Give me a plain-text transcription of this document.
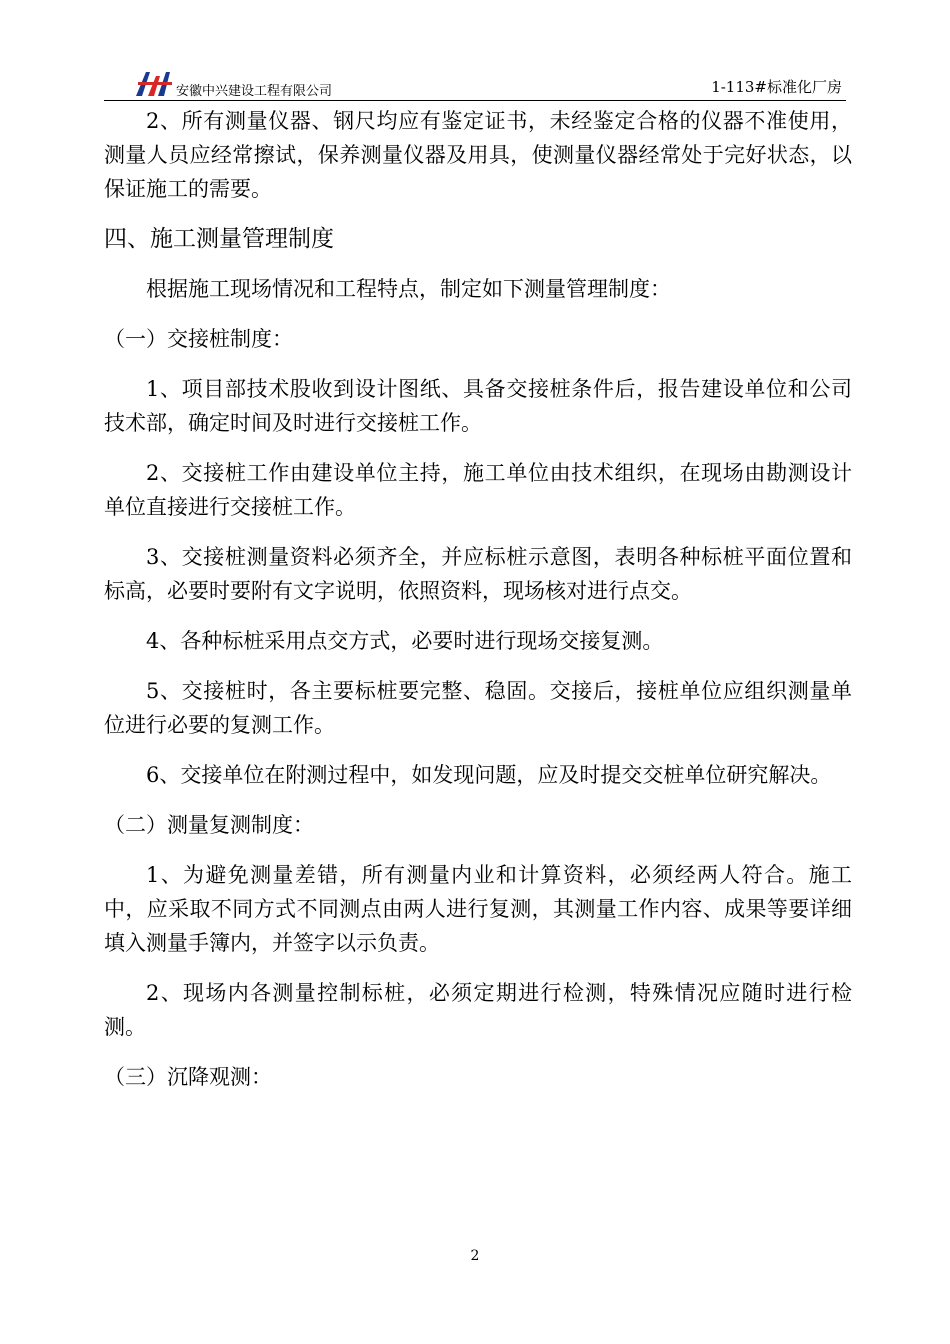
安徽中兴建设工程有限公司	1-113#标准化厂房

2、所有测量仪器、钢尺均应有鉴定证书，未经鉴定合格的仪器不准使用，测量人员应经常擦试，保养测量仪器及用具，使测量仪器经常处于完好状态，以保证施工的需要。

四、施工测量管理制度

根据施工现场情况和工程特点，制定如下测量管理制度：

（一）交接桩制度：

1、项目部技术股收到设计图纸、具备交接桩条件后，报告建设单位和公司技术部，确定时间及时进行交接桩工作。

2、交接桩工作由建设单位主持，施工单位由技术组织，在现场由勘测设计单位直接进行交接桩工作。

3、交接桩测量资料必须齐全，并应标桩示意图，表明各种标桩平面位置和标高，必要时要附有文字说明，依照资料，现场核对进行点交。

4、各种标桩采用点交方式，必要时进行现场交接复测。

5、交接桩时，各主要标桩要完整、稳固。交接后，接桩单位应组织测量单位进行必要的复测工作。

6、交接单位在附测过程中，如发现问题，应及时提交交桩单位研究解决。

（二）测量复测制度：

1、为避免测量差错，所有测量内业和计算资料，必须经两人符合。施工中，应采取不同方式不同测点由两人进行复测，其测量工作内容、成果等要详细填入测量手簿内，并签字以示负责。

2、现场内各测量控制标桩，必须定期进行检测，特殊情况应随时进行检测。

（三）沉降观测：

2
